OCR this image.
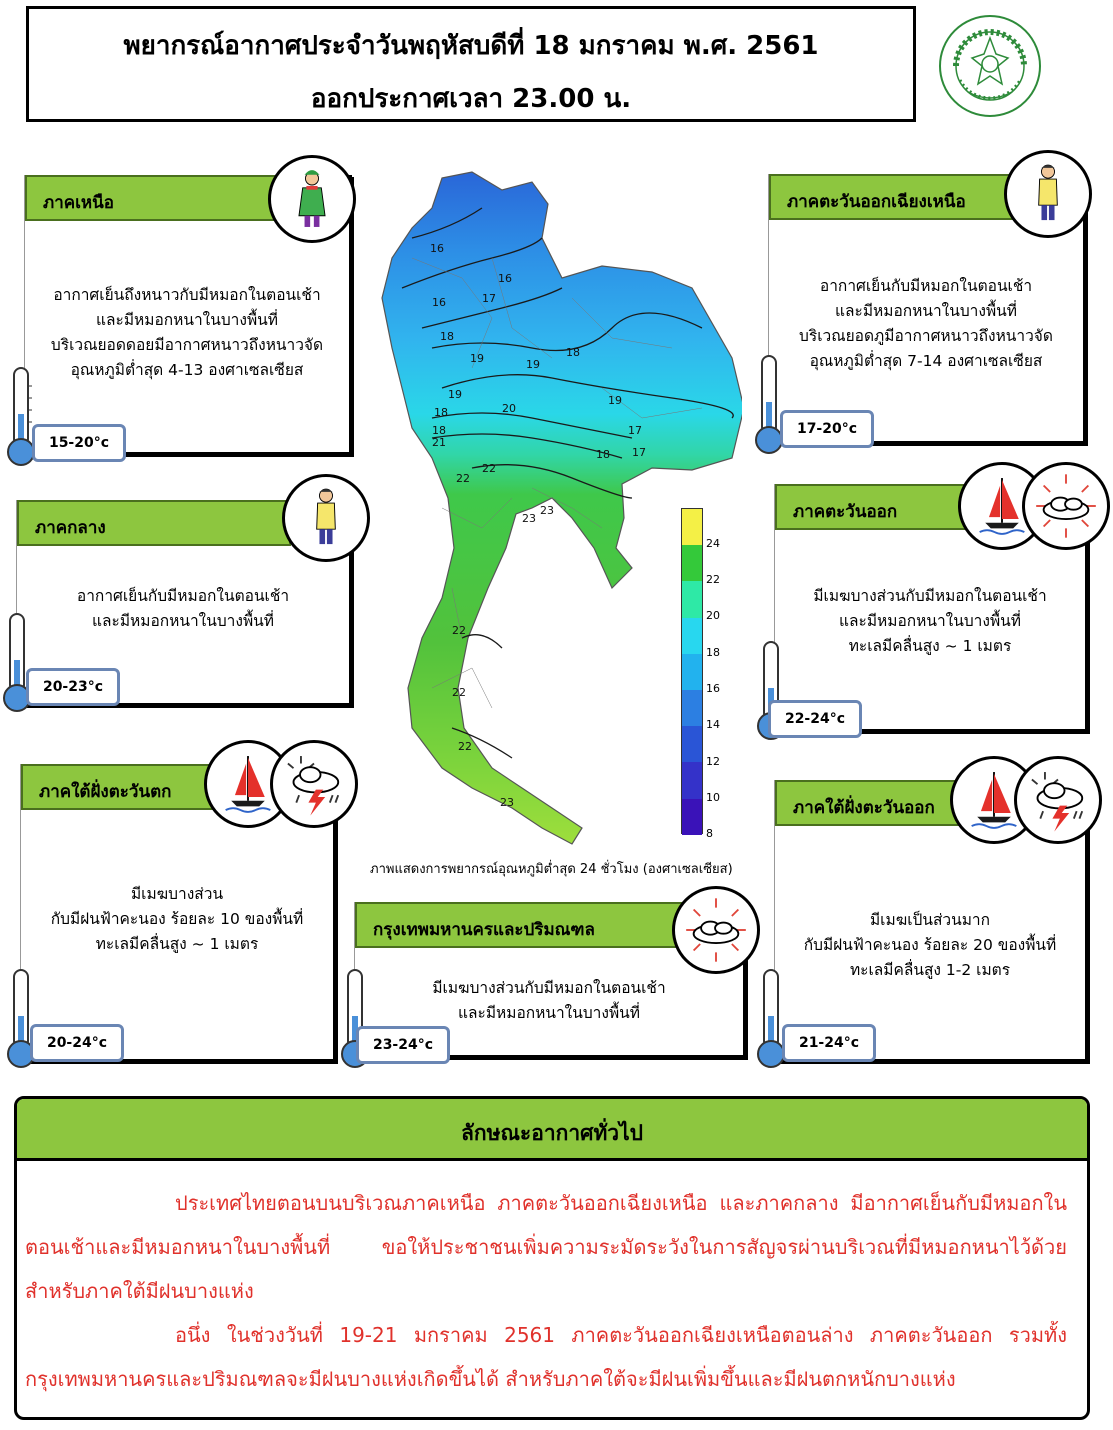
พยากรณ์อากาศประจำวันพฤหัสบดีที่ 18 มกราคม พ.ศ. 2561
ออกประกาศเวลา 23.00 น.
ภาคเหนือ
อากาศเย็นถึงหนาวกับมีหมอกในตอนเช้า
และมีหมอกหนาในบางพื้นที่
บริเวณยอดดอยมีอากาศหนาวถึงหนาวจัด
อุณหภูมิต่ำสุด 4-13 องศาเซลเซียส
15-20°c
ภาคตะวันออกเฉียงเหนือ
อากาศเย็นกับมีหมอกในตอนเช้า
และมีหมอกหนาในบางพื้นที่
บริเวณยอดภูมีอากาศหนาวถึงหนาวจัด
อุณหภูมิต่ำสุด 7-14 องศาเซลเซียส
17-20°c
ภาคกลาง
อากาศเย็นกับมีหมอกในตอนเช้า
และมีหมอกหนาในบางพื้นที่
20-23°c
ภาคตะวันออก
มีเมฆบางส่วนกับมีหมอกในตอนเช้า
และมีหมอกหนาในบางพื้นที่
ทะเลมีคลื่นสูง ~ 1 เมตร
22-24°c
ภาคใต้ฝั่งตะวันตก
มีเมฆบางส่วน
กับมีฝนฟ้าคะนอง ร้อยละ 10 ของพื้นที่
ทะเลมีคลื่นสูง ~ 1 เมตร
20-24°c
กรุงเทพมหานครและปริมณฑล
มีเมฆบางส่วนกับมีหมอกในตอนเช้า
และมีหมอกหนาในบางพื้นที่
23-24°c
ภาคใต้ฝั่งตะวันออก
มีเมฆเป็นส่วนมาก
กับมีฝนฟ้าคะนอง ร้อยละ 20 ของพื้นที่
ทะเลมีคลื่นสูง 1-2 เมตร
21-24°c
ภาพแสดงการพยากรณ์อุณหภูมิต่ำสุด 24 ชั่วโมง (องศาเซลเซียส)
24
22
20
18
16
14
12
10
8
16
16	17
16
18
19	18
19
19
20
18
19
17
17
18
18
21
22
22
23
22
22
22
23
23
ลักษณะอากาศทั่วไป

ประเทศไทยตอนบนบริเวณภาคเหนือ ภาคตะวันออกเฉียงเหนือ และภาคกลาง มีอากาศเย็นกับมีหมอกในตอนเช้าและมีหมอกหนาในบางพื้นที่ ขอให้ประชาชนเพิ่มความระมัดระวังในการสัญจรผ่านบริเวณที่มีหมอกหนาไว้ด้วย สำหรับภาคใต้มีฝนบางแห่ง

อนึ่ง ในช่วงวันที่ 19-21 มกราคม 2561 ภาคตะวันออกเฉียงเหนือตอนล่าง ภาคตะวันออก รวมทั้งกรุงเทพมหานครและปริมณฑลจะมีฝนบางแห่งเกิดขึ้นได้ สำหรับภาคใต้จะมีฝนเพิ่มขึ้นและมีฝนตกหนักบางแห่ง
